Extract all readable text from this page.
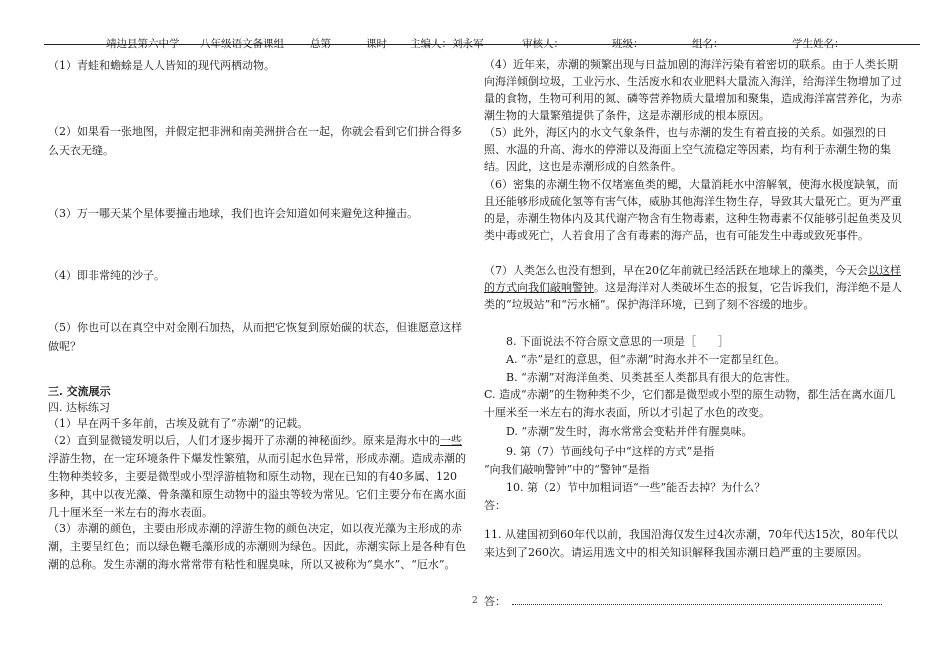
靖边县第六中学 八年级语文备课组 总第	课时 主编人： 刘永军	审核人：	班级：	组名：	学生姓名：

（1）青蛙和蟾蜍是人人皆知的现代两栖动物。

（2）如果看一张地图，并假定把非洲和南美洲拼合在一起，你就会看到它们拼合得多么天衣无缝。

（3）万一哪天某个星体要撞击地球，我们也许会知道如何来避免这种撞击。

（4）即非常纯的沙子。

（5）你也可以在真空中对金刚石加热，从而把它恢复到原始碳的状态，但谁愿意这样做呢？

三. 交流展示

四. 达标练习

（1）早在两千多年前，古埃及就有了“赤潮”的记载。

（2）直到显微镜发明以后，人们才逐步揭开了赤潮的神秘面纱。原来是海水中的一些浮游生物，在一定环境条件下爆发性繁殖，从而引起水色异常，形成赤潮。造成赤潮的生物种类较多，主要是微型或小型浮游植物和原生动物，现在已知的有40多属、120多种，其中以夜光藻、骨条藻和原生动物中的溢虫等较为常见。它们主要分布在离水面几十厘米至一米左右的海水表面。

（3）赤潮的颜色，主要由形成赤潮的浮游生物的颜色决定，如以夜光藻为主形成的赤潮，主要呈红色；而以绿色鞭毛藻形成的赤潮则为绿色。因此，赤潮实际上是各种有色潮的总称。发生赤潮的海水常常带有粘性和腥臭味，所以又被称为“臭水”、“厄水”。

（4）近年来，赤潮的频繁出现与日益加剧的海洋污染有着密切的联系。由于人类长期向海洋倾倒垃圾，工业污水、生活废水和农业肥料大量流入海洋，给海洋生物增加了过量的食物，生物可利用的氮、磷等营养物质大量增加和聚集，造成海洋富营养化，为赤潮生物的大量繁殖提供了条件，这是赤潮形成的根本原因。

（5）此外，海区内的水文气象条件，也与赤潮的发生有着直接的关系。如强烈的日照、水温的升高、海水的停滞以及海面上空气流稳定等因素，均有利于赤潮生物的集结。因此，这也是赤潮形成的自然条件。

（6）密集的赤潮生物不仅堵塞鱼类的鳃，大量消耗水中溶解氧，使海水极度缺氧，而且还能够形成硫化氢等有害气体，威胁其他海洋生物生存，导致其大量死亡。更为严重的是，赤潮生物体内及其代谢产物含有生物毒素，这种生物毒素不仅能够引起鱼类及贝类中毒或死亡，人若食用了含有毒素的海产品，也有可能发生中毒或致死事件。

（7）人类怎么也没有想到，早在20亿年前就已经活跃在地球上的藻类，今天会以这样的方式向我们敲响警钟。这是海洋对人类破坏生态的报复，它告诉我们，海洋绝不是人类的“垃圾站”和“污水桶”。保护海洋环境，已到了刻不容缓的地步。

8. 下面说法不符合原文意思的一项是［　　］

A. “赤”是红的意思，但“赤潮”时海水并不一定都呈红色。

B. “赤潮”对海洋鱼类、贝类甚至人类都具有很大的危害性。

C. 造成“赤潮”的生物种类不少，它们都是微型或小型的原生动物，都生活在离水面几十厘米至一米左右的海水表面，所以才引起了水色的改变。

D. “赤潮”发生时，海水常常会变粘并伴有腥臭味。

9. 第（7）节画线句子中“这样的方式”是指

“向我们敲响警钟”中的“警钟”是指

10. 第（2）节中加粗词语“一些”能否去掉？为什么？

答：

11. 从建国初到60年代以前，我国沿海仅发生过4次赤潮，70年代达15次，80年代以来达到了260次。请运用选文中的相关知识解释我国赤潮日趋严重的主要原因。

答：

2
